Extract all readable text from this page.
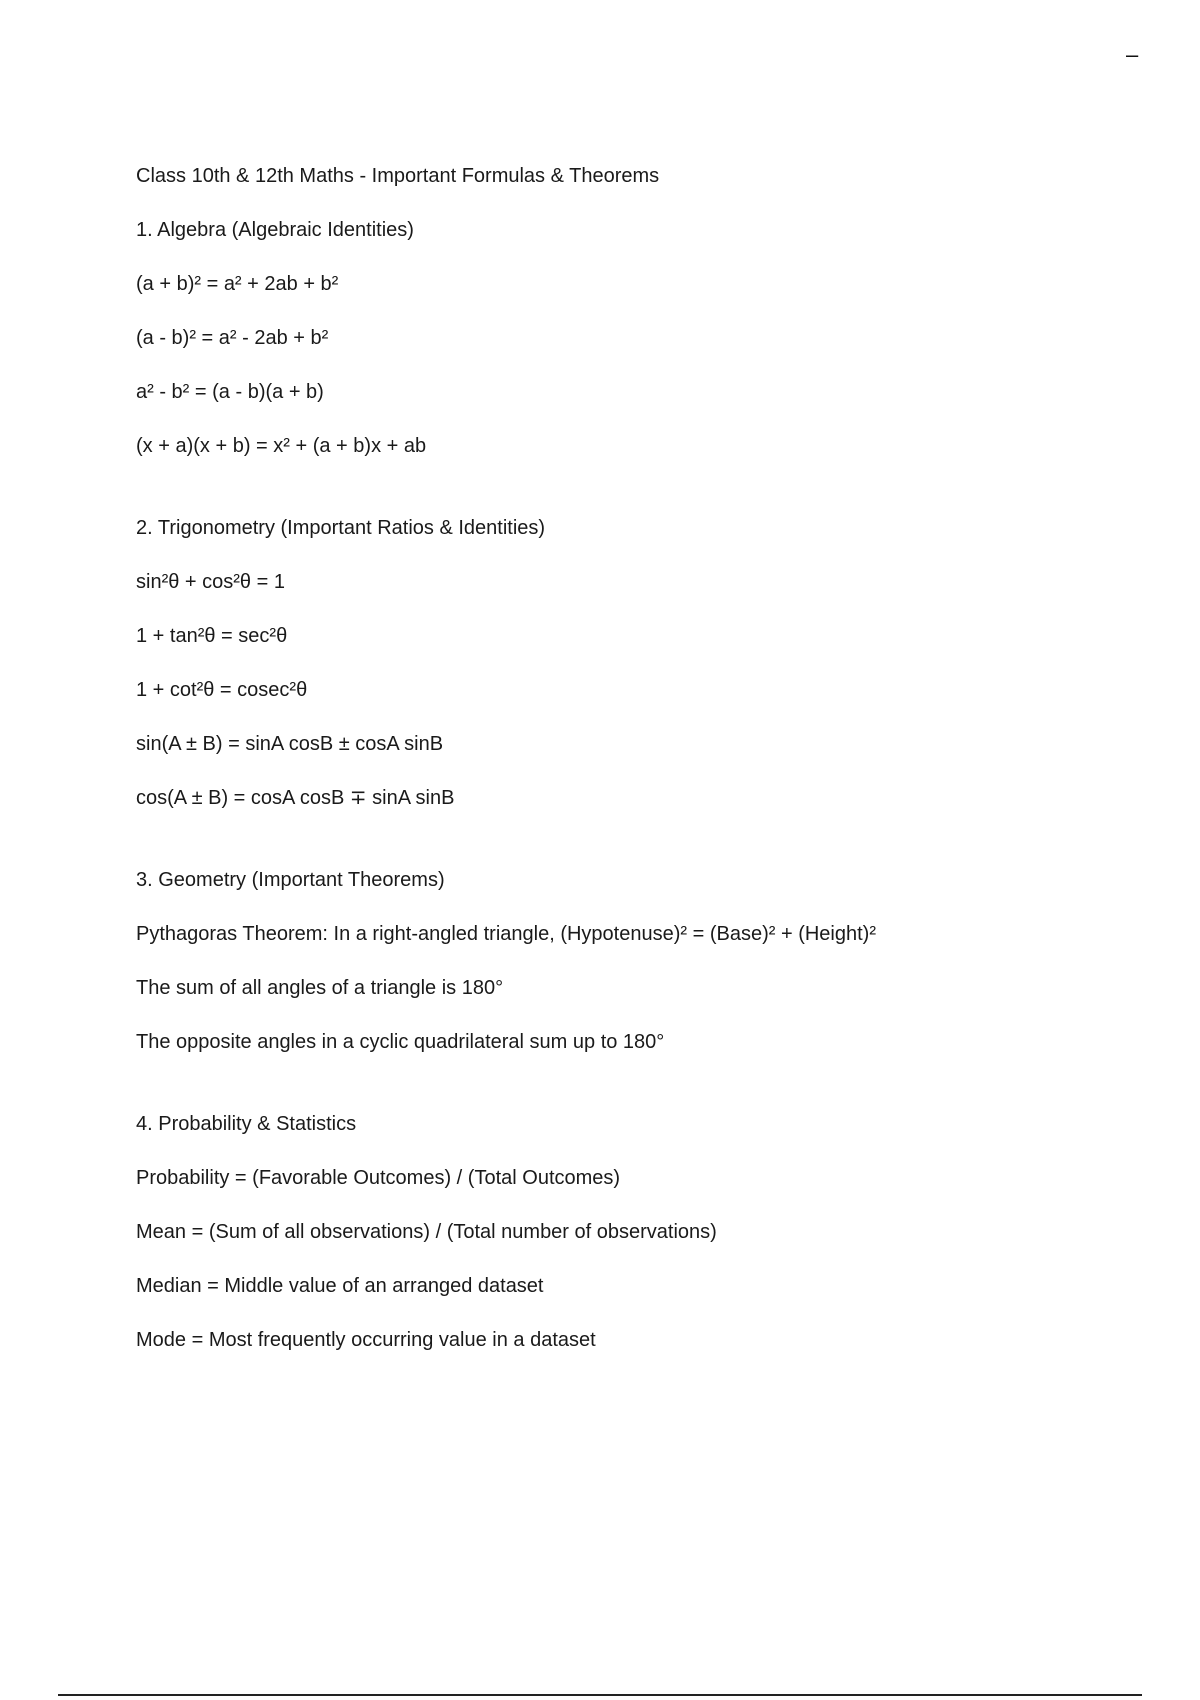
–

Class 10th & 12th Maths - Important Formulas & Theorems

1. Algebra (Algebraic Identities)

(a + b)² = a² + 2ab + b²

(a - b)² = a² - 2ab + b²

a² - b² = (a - b)(a + b)

(x + a)(x + b) = x² + (a + b)x + ab

2. Trigonometry (Important Ratios & Identities)

sin²θ + cos²θ = 1

1 + tan²θ = sec²θ

1 + cot²θ = cosec²θ

sin(A ± B) = sinA cosB ± cosA sinB

cos(A ± B) = cosA cosB ∓ sinA sinB

3. Geometry (Important Theorems)

Pythagoras Theorem: In a right-angled triangle, (Hypotenuse)² = (Base)² + (Height)²

The sum of all angles of a triangle is 180°

The opposite angles in a cyclic quadrilateral sum up to 180°

4. Probability & Statistics

Probability = (Favorable Outcomes) / (Total Outcomes)

Mean = (Sum of all observations) / (Total number of observations)

Median = Middle value of an arranged dataset

Mode = Most frequently occurring value in a dataset
